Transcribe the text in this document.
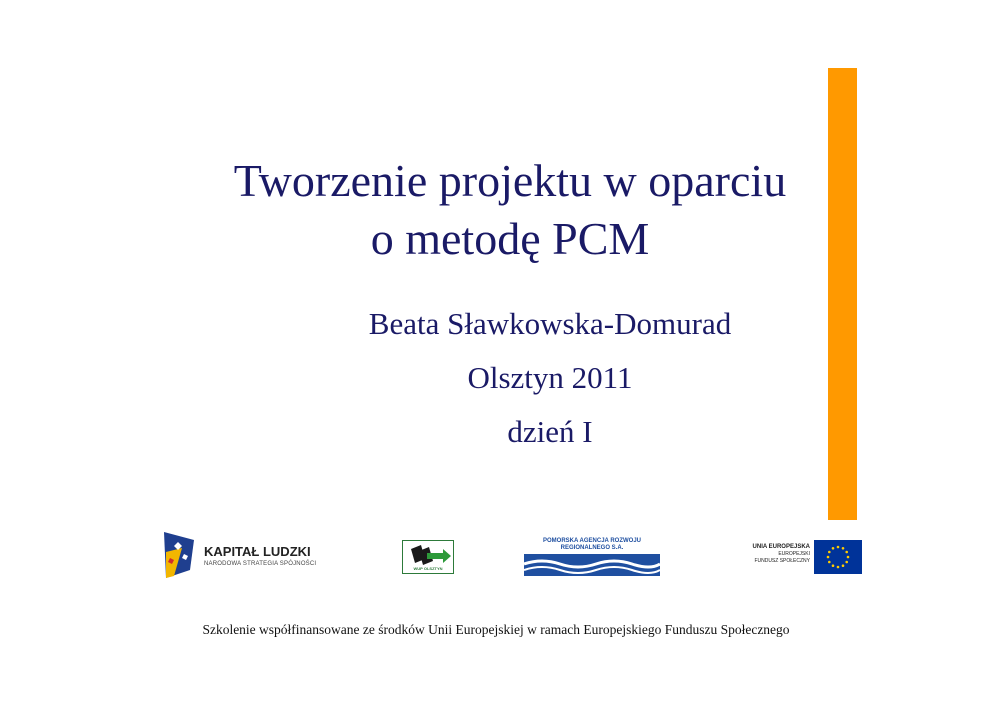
Tworzenie projektu w oparciu
o metodę PCM
Beata Sławkowska-Domurad
Olsztyn 2011
dzień I
KAPITAŁ LUDZKI
NARODOWA STRATEGIA SPÓJNOŚCI
WUP OLSZTYN
POMORSKA AGENCJA ROZWOJU REGIONALNEGO S.A.	UNIA EUROPEJSKA
EUROPEJSKI
FUNDUSZ SPOŁECZNY
Szkolenie współfinansowane ze środków Unii Europejskiej w ramach Europejskiego Funduszu Społecznego
